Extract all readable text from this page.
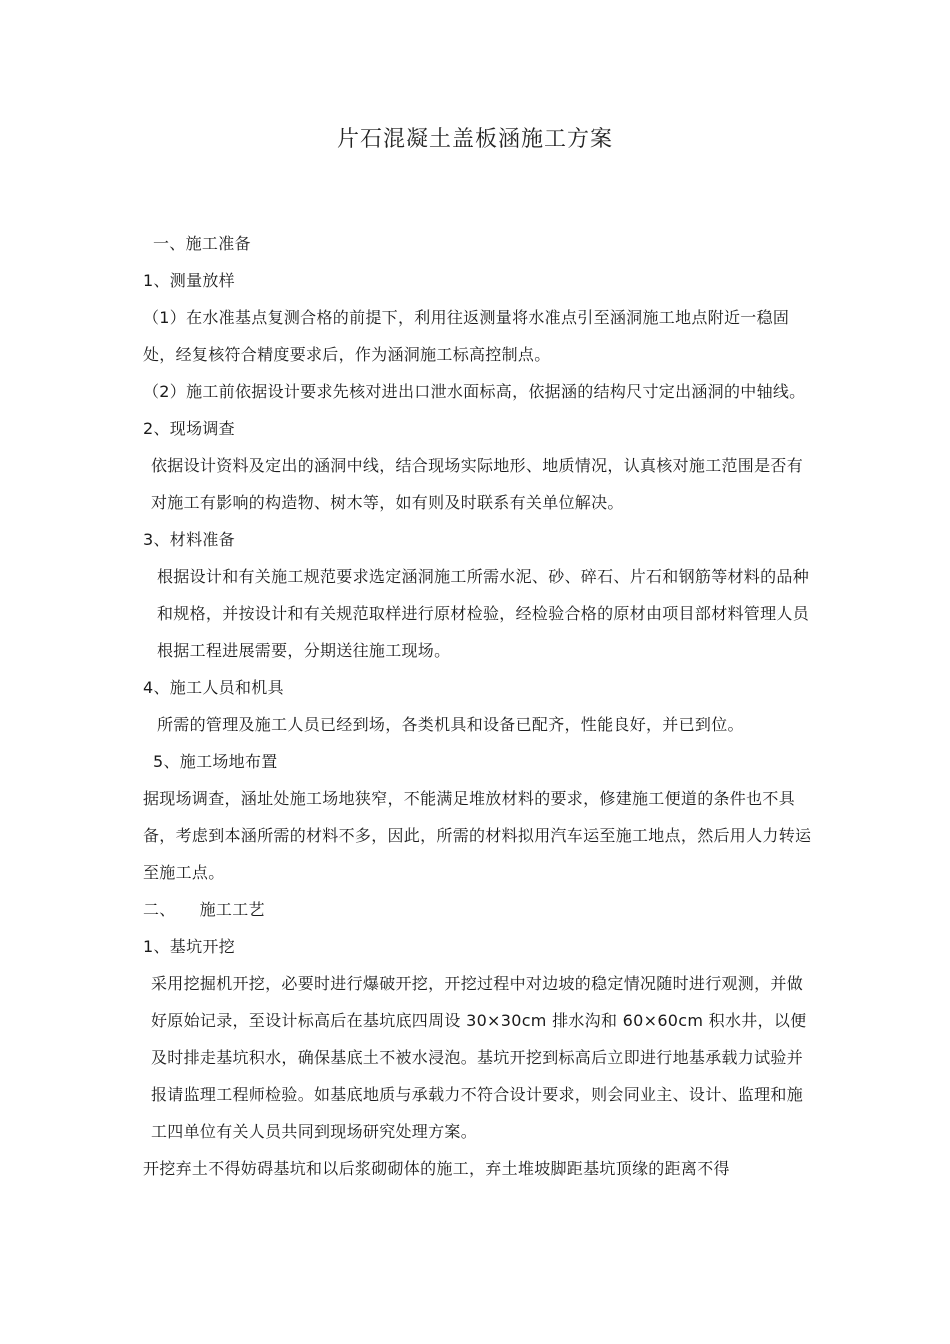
片石混凝土盖板涵施工方案

一、施工准备

1、测量放样

（1）在水准基点复测合格的前提下，利用往返测量将水准点引至涵洞施工地点附近一稳固处，经复核符合精度要求后，作为涵洞施工标高控制点。

（2）施工前依据设计要求先核对进出口泄水面标高，依据涵的结构尺寸定出涵洞的中轴线。

2、现场调查

依据设计资料及定出的涵洞中线，结合现场实际地形、地质情况，认真核对施工范围是否有对施工有影响的构造物、树木等，如有则及时联系有关单位解决。

3、材料准备

根据设计和有关施工规范要求选定涵洞施工所需水泥、砂、碎石、片石和钢筋等材料的品种和规格，并按设计和有关规范取样进行原材检验，经检验合格的原材由项目部材料管理人员根据工程进展需要，分期送往施工现场。

4、施工人员和机具

所需的管理及施工人员已经到场，各类机具和设备已配齐，性能良好，并已到位。

5、施工场地布置

据现场调查，涵址处施工场地狭窄，不能满足堆放材料的要求，修建施工便道的条件也不具备，考虑到本涵所需的材料不多，因此，所需的材料拟用汽车运至施工地点，然后用人力转运至施工点。

二、 施工工艺

1、基坑开挖

采用挖掘机开挖，必要时进行爆破开挖，开挖过程中对边坡的稳定情况随时进行观测，并做好原始记录，至设计标高后在基坑底四周设 30×30cm 排水沟和 60×60cm 积水井，以便及时排走基坑积水，确保基底土不被水浸泡。基坑开挖到标高后立即进行地基承载力试验并报请监理工程师检验。如基底地质与承载力不符合设计要求，则会同业主、设计、监理和施工四单位有关人员共同到现场研究处理方案。

开挖弃土不得妨碍基坑和以后浆砌砌体的施工，弃土堆坡脚距基坑顶缘的距离不得
